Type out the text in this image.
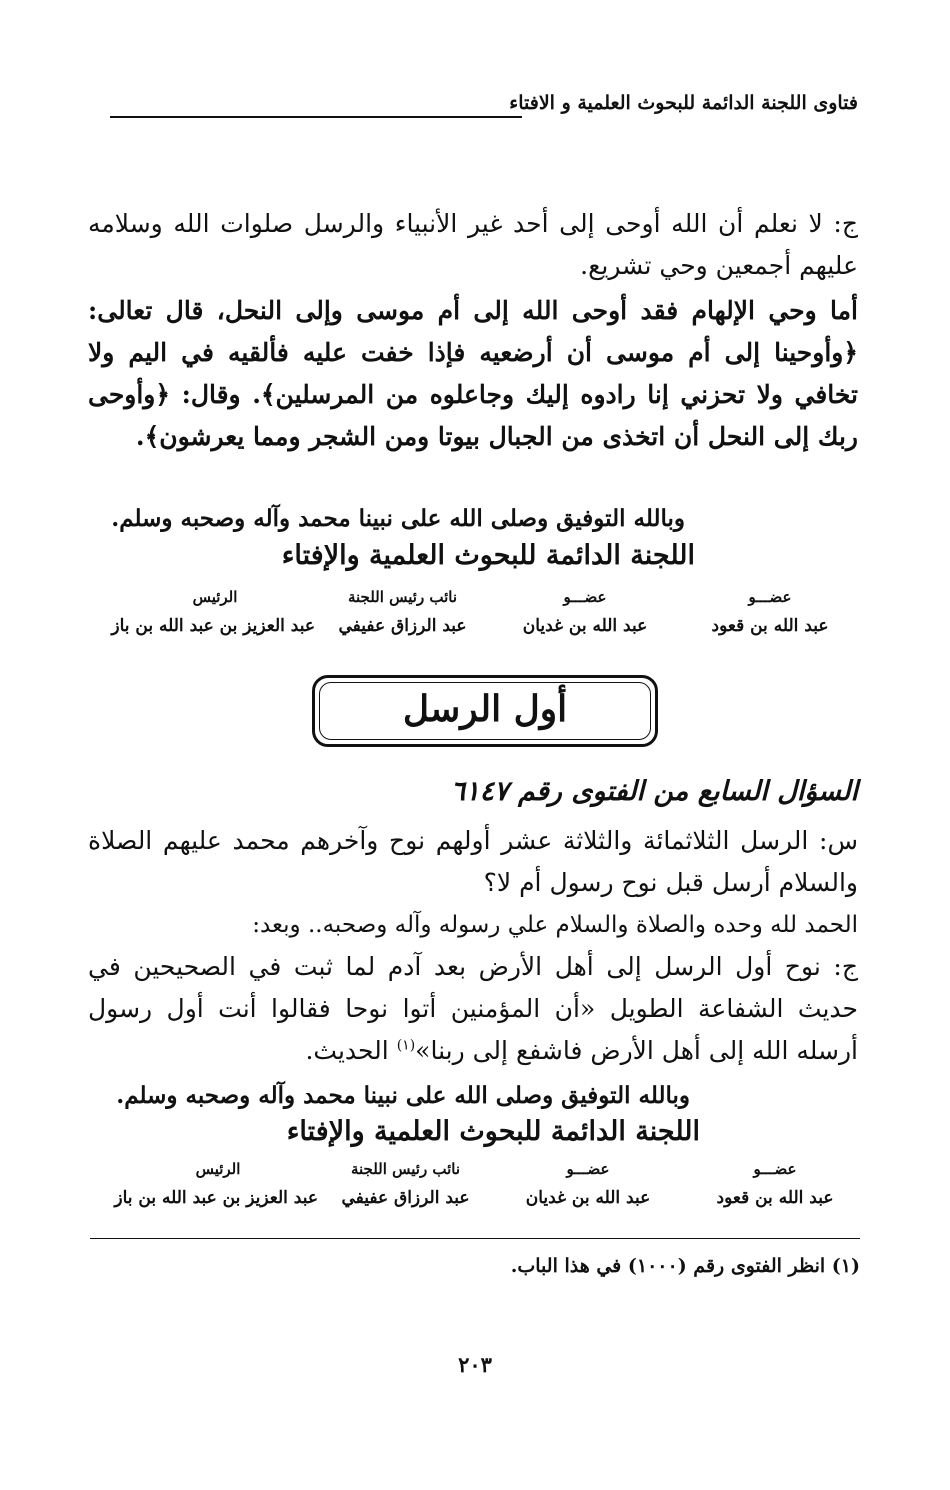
فتاوى اللجنة الدائمة للبحوث العلمية و الافتاء

ج: لا نعلم أن الله أوحى إلى أحد غير الأنبياء والرسل صلوات الله وسلامه عليهم أجمعين وحي تشريع.

أما وحي الإلهام فقد أوحى الله إلى أم موسى وإلى النحل، قال تعالى: ﴿وأوحينا إلى أم موسى أن أرضعيه فإذا خفت عليه فألقيه في اليم ولا تخافي ولا تحزني إنا رادوه إليك وجاعلوه من المرسلين﴾. وقال: ﴿وأوحى ربك إلى النحل أن اتخذى من الجبال بيوتا ومن الشجر ومما يعرشون﴾.

وبالله التوفيق وصلى الله على نبينا محمد وآله وصحبه وسلم.

اللجنة الدائمة للبحوث العلمية والإفتاء

الرئيس
عبد العزيز بن عبد الله بن باز
نائب رئيس اللجنة
عبد الرزاق عفيفي
عضـــو
عبد الله بن غديان
عضـــو
عبد الله بن قعود
أول الرسل

السؤال السابع من الفتوى رقم ٦١٤٧

س: الرسل الثلاثمائة والثلاثة عشر أولهم نوح وآخرهم محمد عليهم الصلاة والسلام أرسل قبل نوح رسول أم لا؟

الحمد لله وحده والصلاة والسلام علي رسوله وآله وصحبه.. وبعد:

ج: نوح أول الرسل إلى أهل الأرض بعد آدم لما ثبت في الصحيحين في حديث الشفاعة الطويل «أن المؤمنين أتوا نوحا فقالوا أنت أول رسول أرسله الله إلى أهل الأرض فاشفع إلى ربنا»$^{(١)}$ الحديث.

وبالله التوفيق وصلى الله على نبينا محمد وآله وصحبه وسلم.

اللجنة الدائمة للبحوث العلمية والإفتاء

الرئيس
عبد العزيز بن عبد الله بن باز
نائب رئيس اللجنة
عبد الرزاق عفيفي
عضـــو
عبد الله بن غديان
عضـــو
عبد الله بن قعود

(١) انظر الفتوى رقم (١٠٠٠) في هذا الباب.

٢٠٣
